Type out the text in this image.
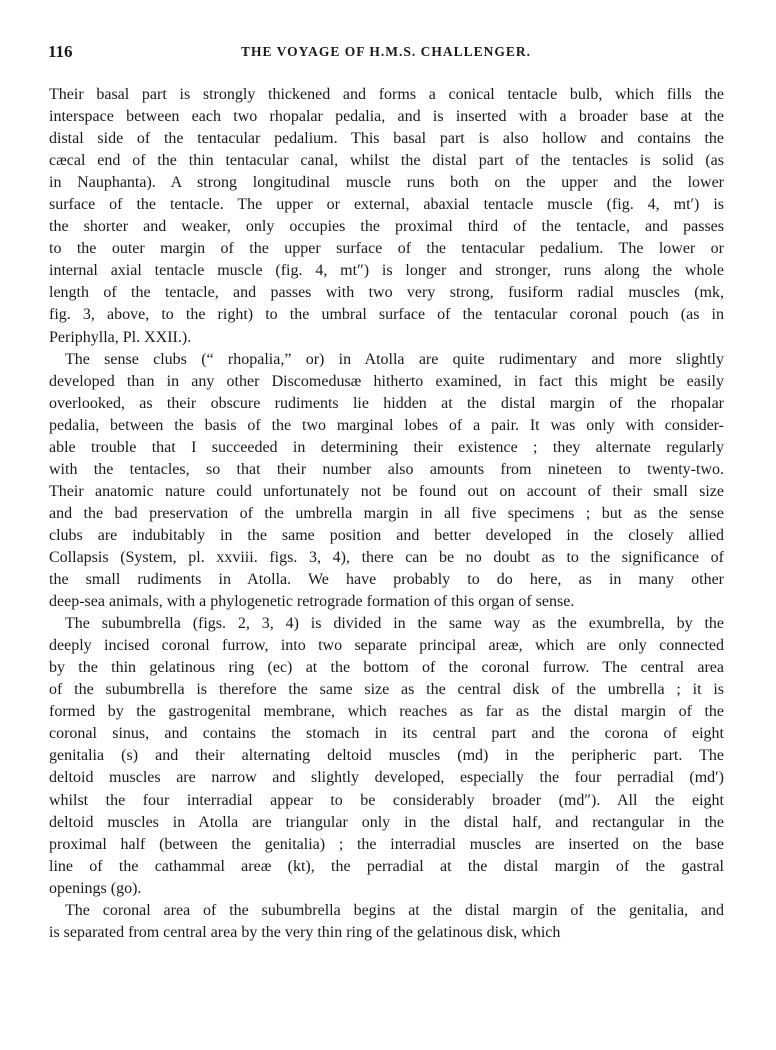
116	THE VOYAGE OF H.M.S. CHALLENGER.
Their basal part is strongly thickened and forms a conical tentacle bulb, which fills the
interspace between each two rhopalar pedalia, and is inserted with a broader base at the
distal side of the tentacular pedalium. This basal part is also hollow and contains the
cæcal end of the thin tentacular canal, whilst the distal part of the tentacles is solid (as
in Nauphanta). A strong longitudinal muscle runs both on the upper and the lower
surface of the tentacle. The upper or external, abaxial tentacle muscle (fig. 4, mt′) is
the shorter and weaker, only occupies the proximal third of the tentacle, and passes
to the outer margin of the upper surface of the tentacular pedalium. The lower or
internal axial tentacle muscle (fig. 4, mt″) is longer and stronger, runs along the whole
length of the tentacle, and passes with two very strong, fusiform radial muscles (mk,
fig. 3, above, to the right) to the umbral surface of the tentacular coronal pouch (as in
Periphylla, Pl. XXII.).
The sense clubs (“ rhopalia,” or) in Atolla are quite rudimentary and more slightly
developed than in any other Discomedusæ hitherto examined, in fact this might be easily
overlooked, as their obscure rudiments lie hidden at the distal margin of the rhopalar
pedalia, between the basis of the two marginal lobes of a pair. It was only with consider-
able trouble that I succeeded in determining their existence ; they alternate regularly
with the tentacles, so that their number also amounts from nineteen to twenty-two.
Their anatomic nature could unfortunately not be found out on account of their small size
and the bad preservation of the umbrella margin in all five specimens ; but as the sense
clubs are indubitably in the same position and better developed in the closely allied
Collapsis (System, pl. xxviii. figs. 3, 4), there can be no doubt as to the significance of
the small rudiments in Atolla. We have probably to do here, as in many other
deep-sea animals, with a phylogenetic retrograde formation of this organ of sense.
The subumbrella (figs. 2, 3, 4) is divided in the same way as the exumbrella, by the
deeply incised coronal furrow, into two separate principal areæ, which are only connected
by the thin gelatinous ring (ec) at the bottom of the coronal furrow. The central area
of the subumbrella is therefore the same size as the central disk of the umbrella ; it is
formed by the gastrogenital membrane, which reaches as far as the distal margin of the
coronal sinus, and contains the stomach in its central part and the corona of eight
genitalia (s) and their alternating deltoid muscles (md) in the peripheric part. The
deltoid muscles are narrow and slightly developed, especially the four perradial (md′)
whilst the four interradial appear to be considerably broader (md″). All the eight
deltoid muscles in Atolla are triangular only in the distal half, and rectangular in the
proximal half (between the genitalia) ; the interradial muscles are inserted on the base
line of the cathammal areæ (kt), the perradial at the distal margin of the gastral
openings (go).
The coronal area of the subumbrella begins at the distal margin of the genitalia, and
is separated from central area by the very thin ring of the gelatinous disk, which
